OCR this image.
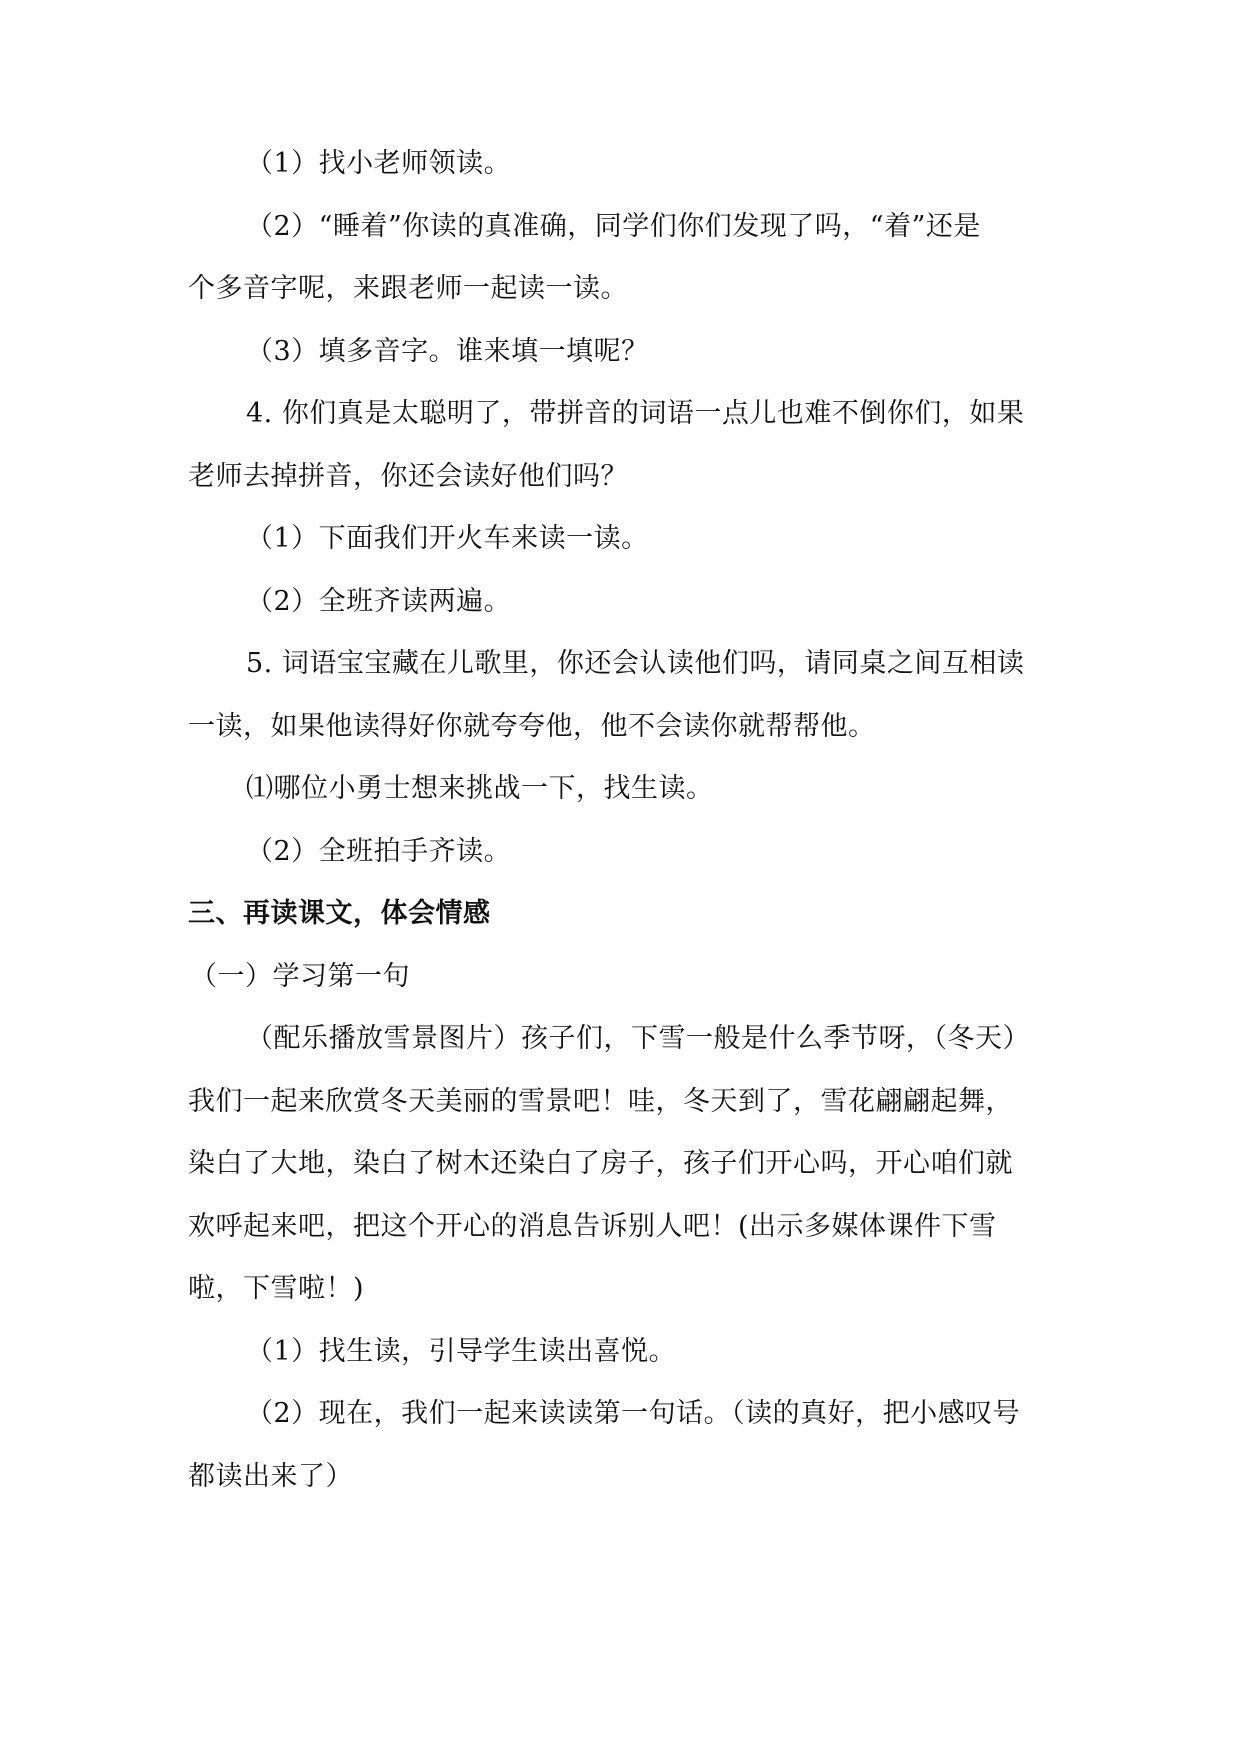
（1）找小老师领读。
（2）“睡着”你读的真准确，同学们你们发现了吗，“着”还是
个多音字呢，来跟老师一起读一读。
（3）填多音字。谁来填一填呢？
4. 你们真是太聪明了，带拼音的词语一点儿也难不倒你们，如果
老师去掉拼音，你还会读好他们吗？
（1）下面我们开火车来读一读。
（2）全班齐读两遍。
5. 词语宝宝藏在儿歌里，你还会认读他们吗，请同桌之间互相读
一读，如果他读得好你就夸夸他，他不会读你就帮帮他。
⑴哪位小勇士想来挑战一下，找生读。
（2）全班拍手齐读。
三、再读课文，体会情感
（一）学习第一句
（配乐播放雪景图片）孩子们，下雪一般是什么季节呀，（冬天）
我们一起来欣赏冬天美丽的雪景吧！哇，冬天到了，雪花翩翩起舞，
染白了大地，染白了树木还染白了房子，孩子们开心吗，开心咱们就
欢呼起来吧，把这个开心的消息告诉别人吧！(出示多媒体课件下雪
啦，下雪啦！)
（1）找生读，引导学生读出喜悦。
（2）现在，我们一起来读读第一句话。（读的真好，把小感叹号
都读出来了）
